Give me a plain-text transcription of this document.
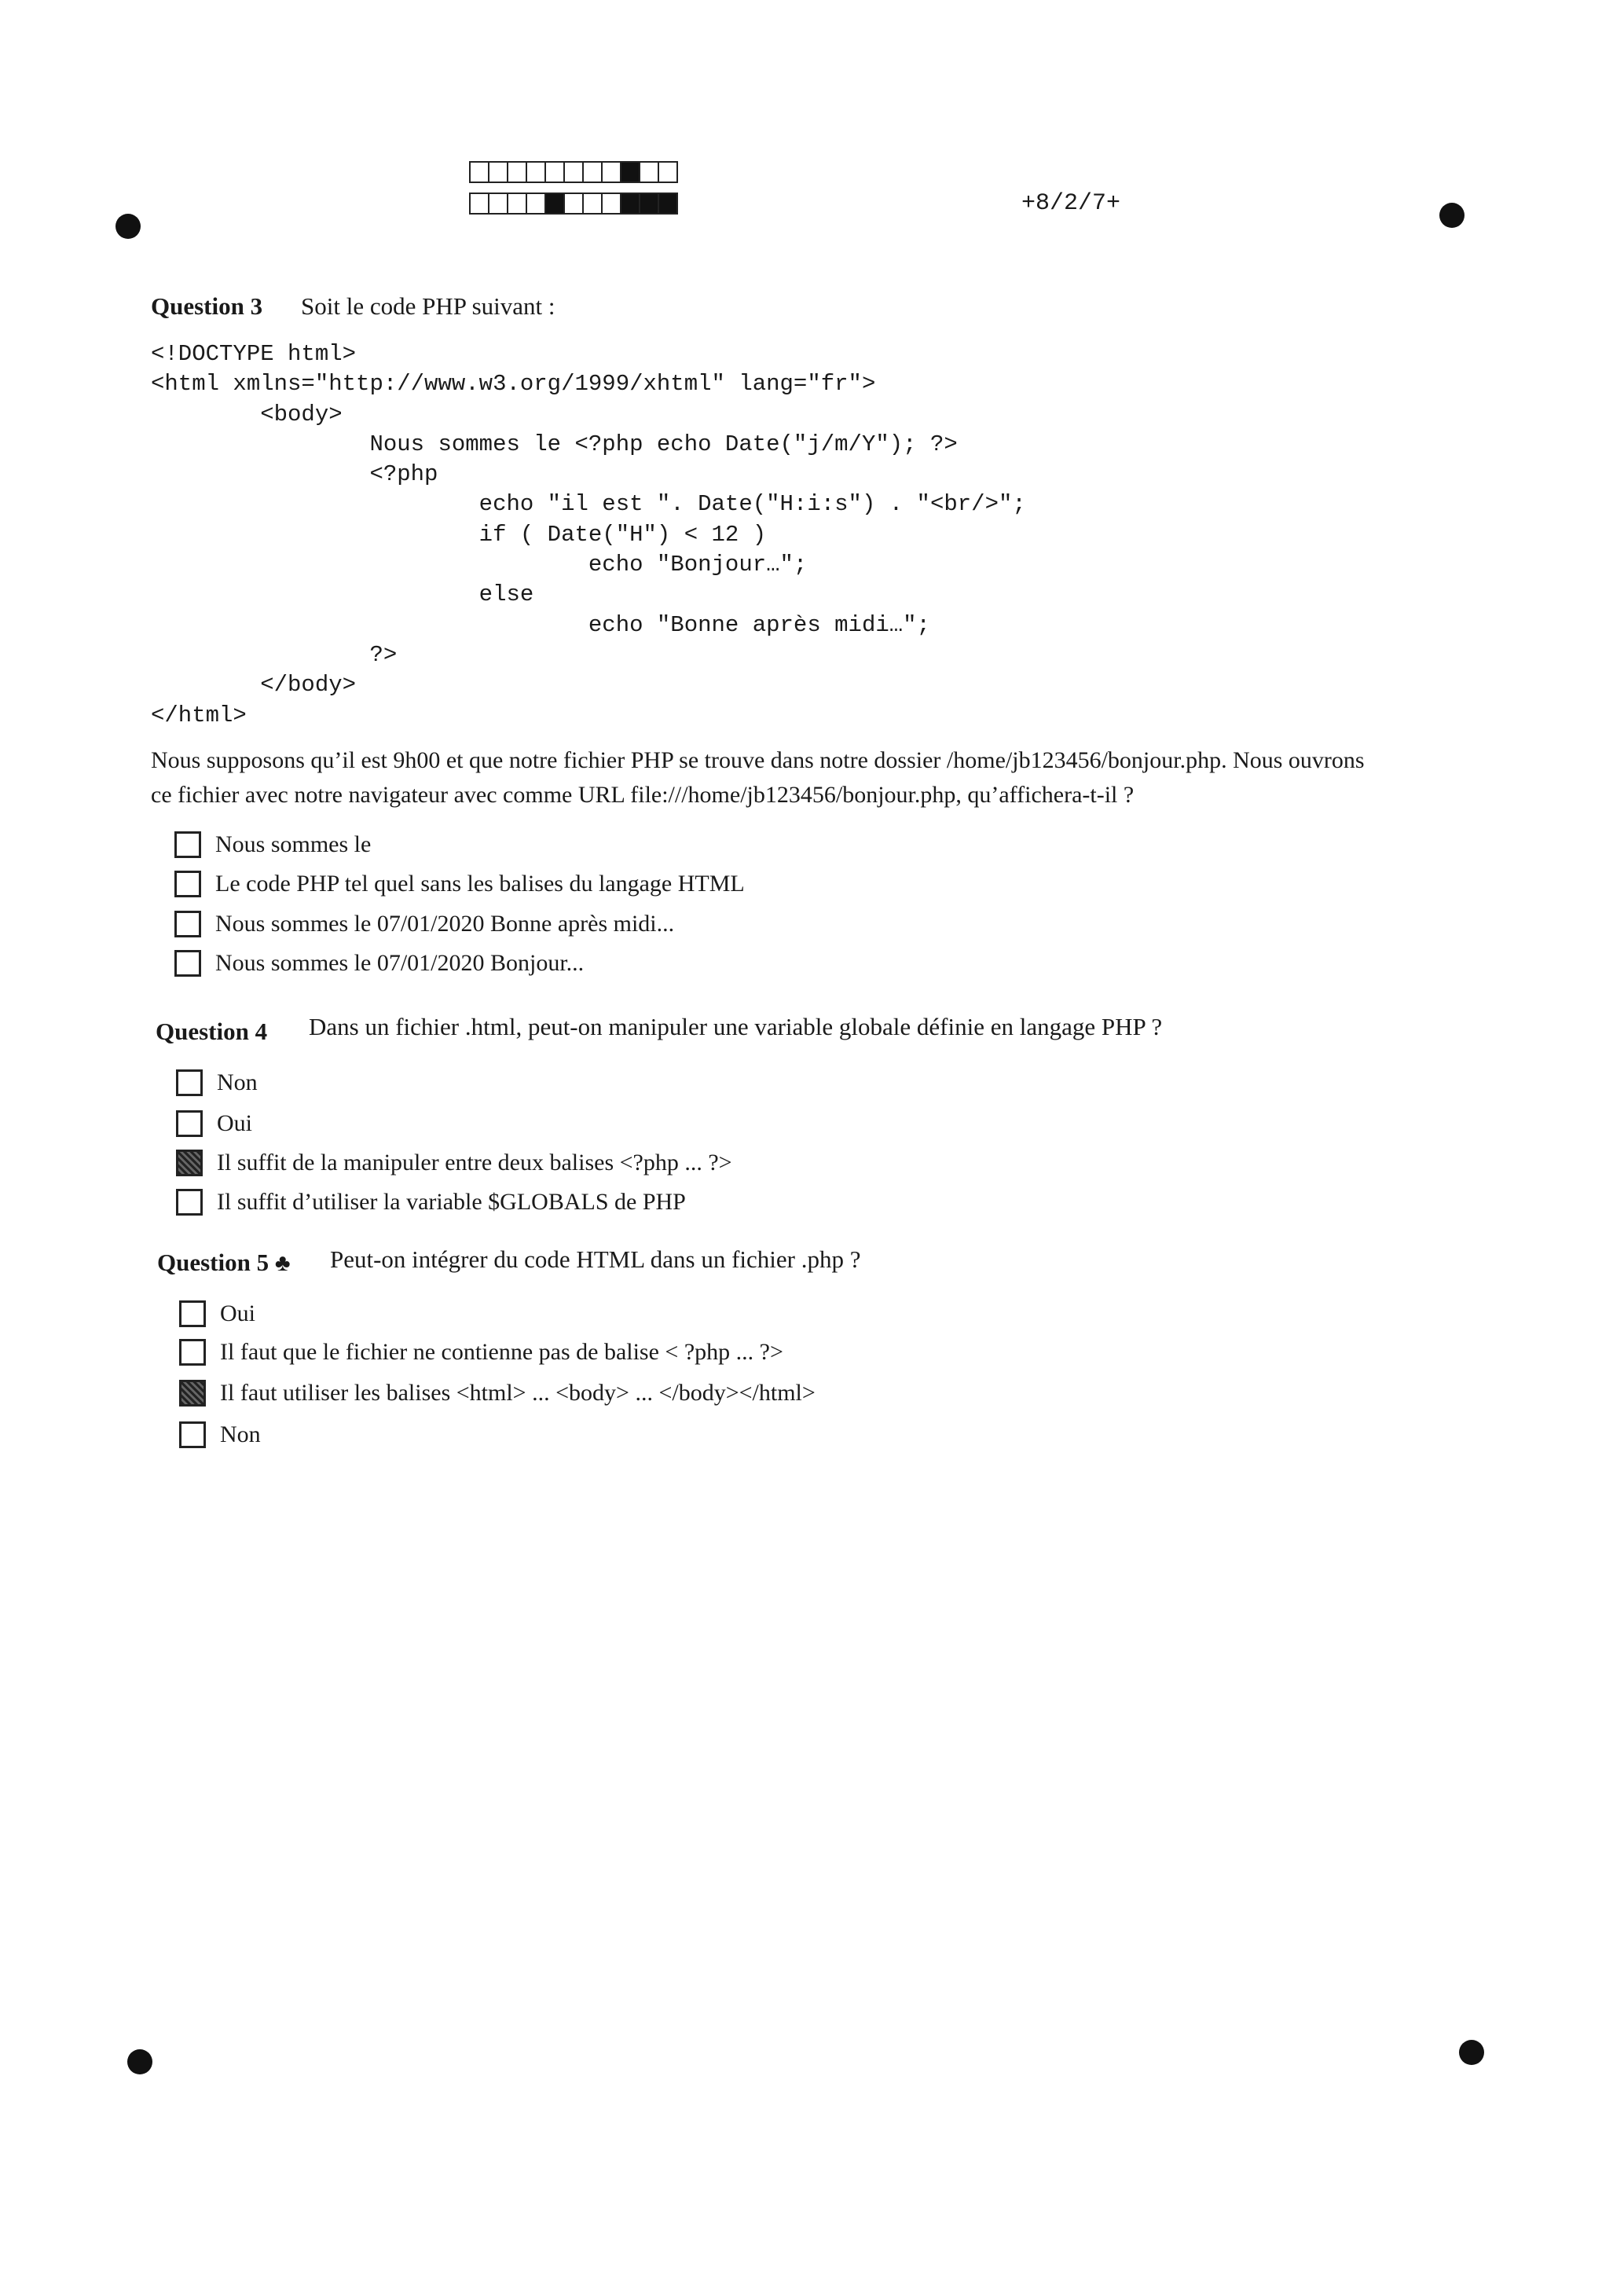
+8/2/7+
Question 3 Soit le code PHP suivant :
<!DOCTYPE html>
<html xmlns="http://www.w3.org/1999/xhtml" lang="fr">
<body>
Nous sommes le <?php echo Date("j/m/Y"); ?>
<?php
echo "il est ". Date("H:i:s") . "<br/>";
if ( Date("H") < 12 )
echo "Bonjour…";
else
echo "Bonne après midi…";
?>
</body>
</html>
Nous supposons qu’il est 9h00 et que notre fichier PHP se trouve dans notre dossier /home/jb123456/bonjour.php. Nous ouvrons
ce fichier avec notre navigateur avec comme URL file:///home/jb123456/bonjour.php, qu’affichera-t-il ?
Nous sommes le
Le code PHP tel quel sans les balises du langage HTML
Nous sommes le 07/01/2020 Bonne après midi...
Nous sommes le 07/01/2020 Bonjour...
Question 4 Dans un fichier .html, peut-on manipuler une variable globale définie en langage PHP ?
Non
Oui
Il suffit de la manipuler entre deux balises <?php ... ?>
Il suffit d’utiliser la variable $GLOBALS de PHP
Question 5 ♣ Peut-on intégrer du code HTML dans un fichier .php ?
Oui
Il faut que le fichier ne contienne pas de balise < ?php ... ?>
Il faut utiliser les balises <html> ... <body> ... </body></html>
Non
